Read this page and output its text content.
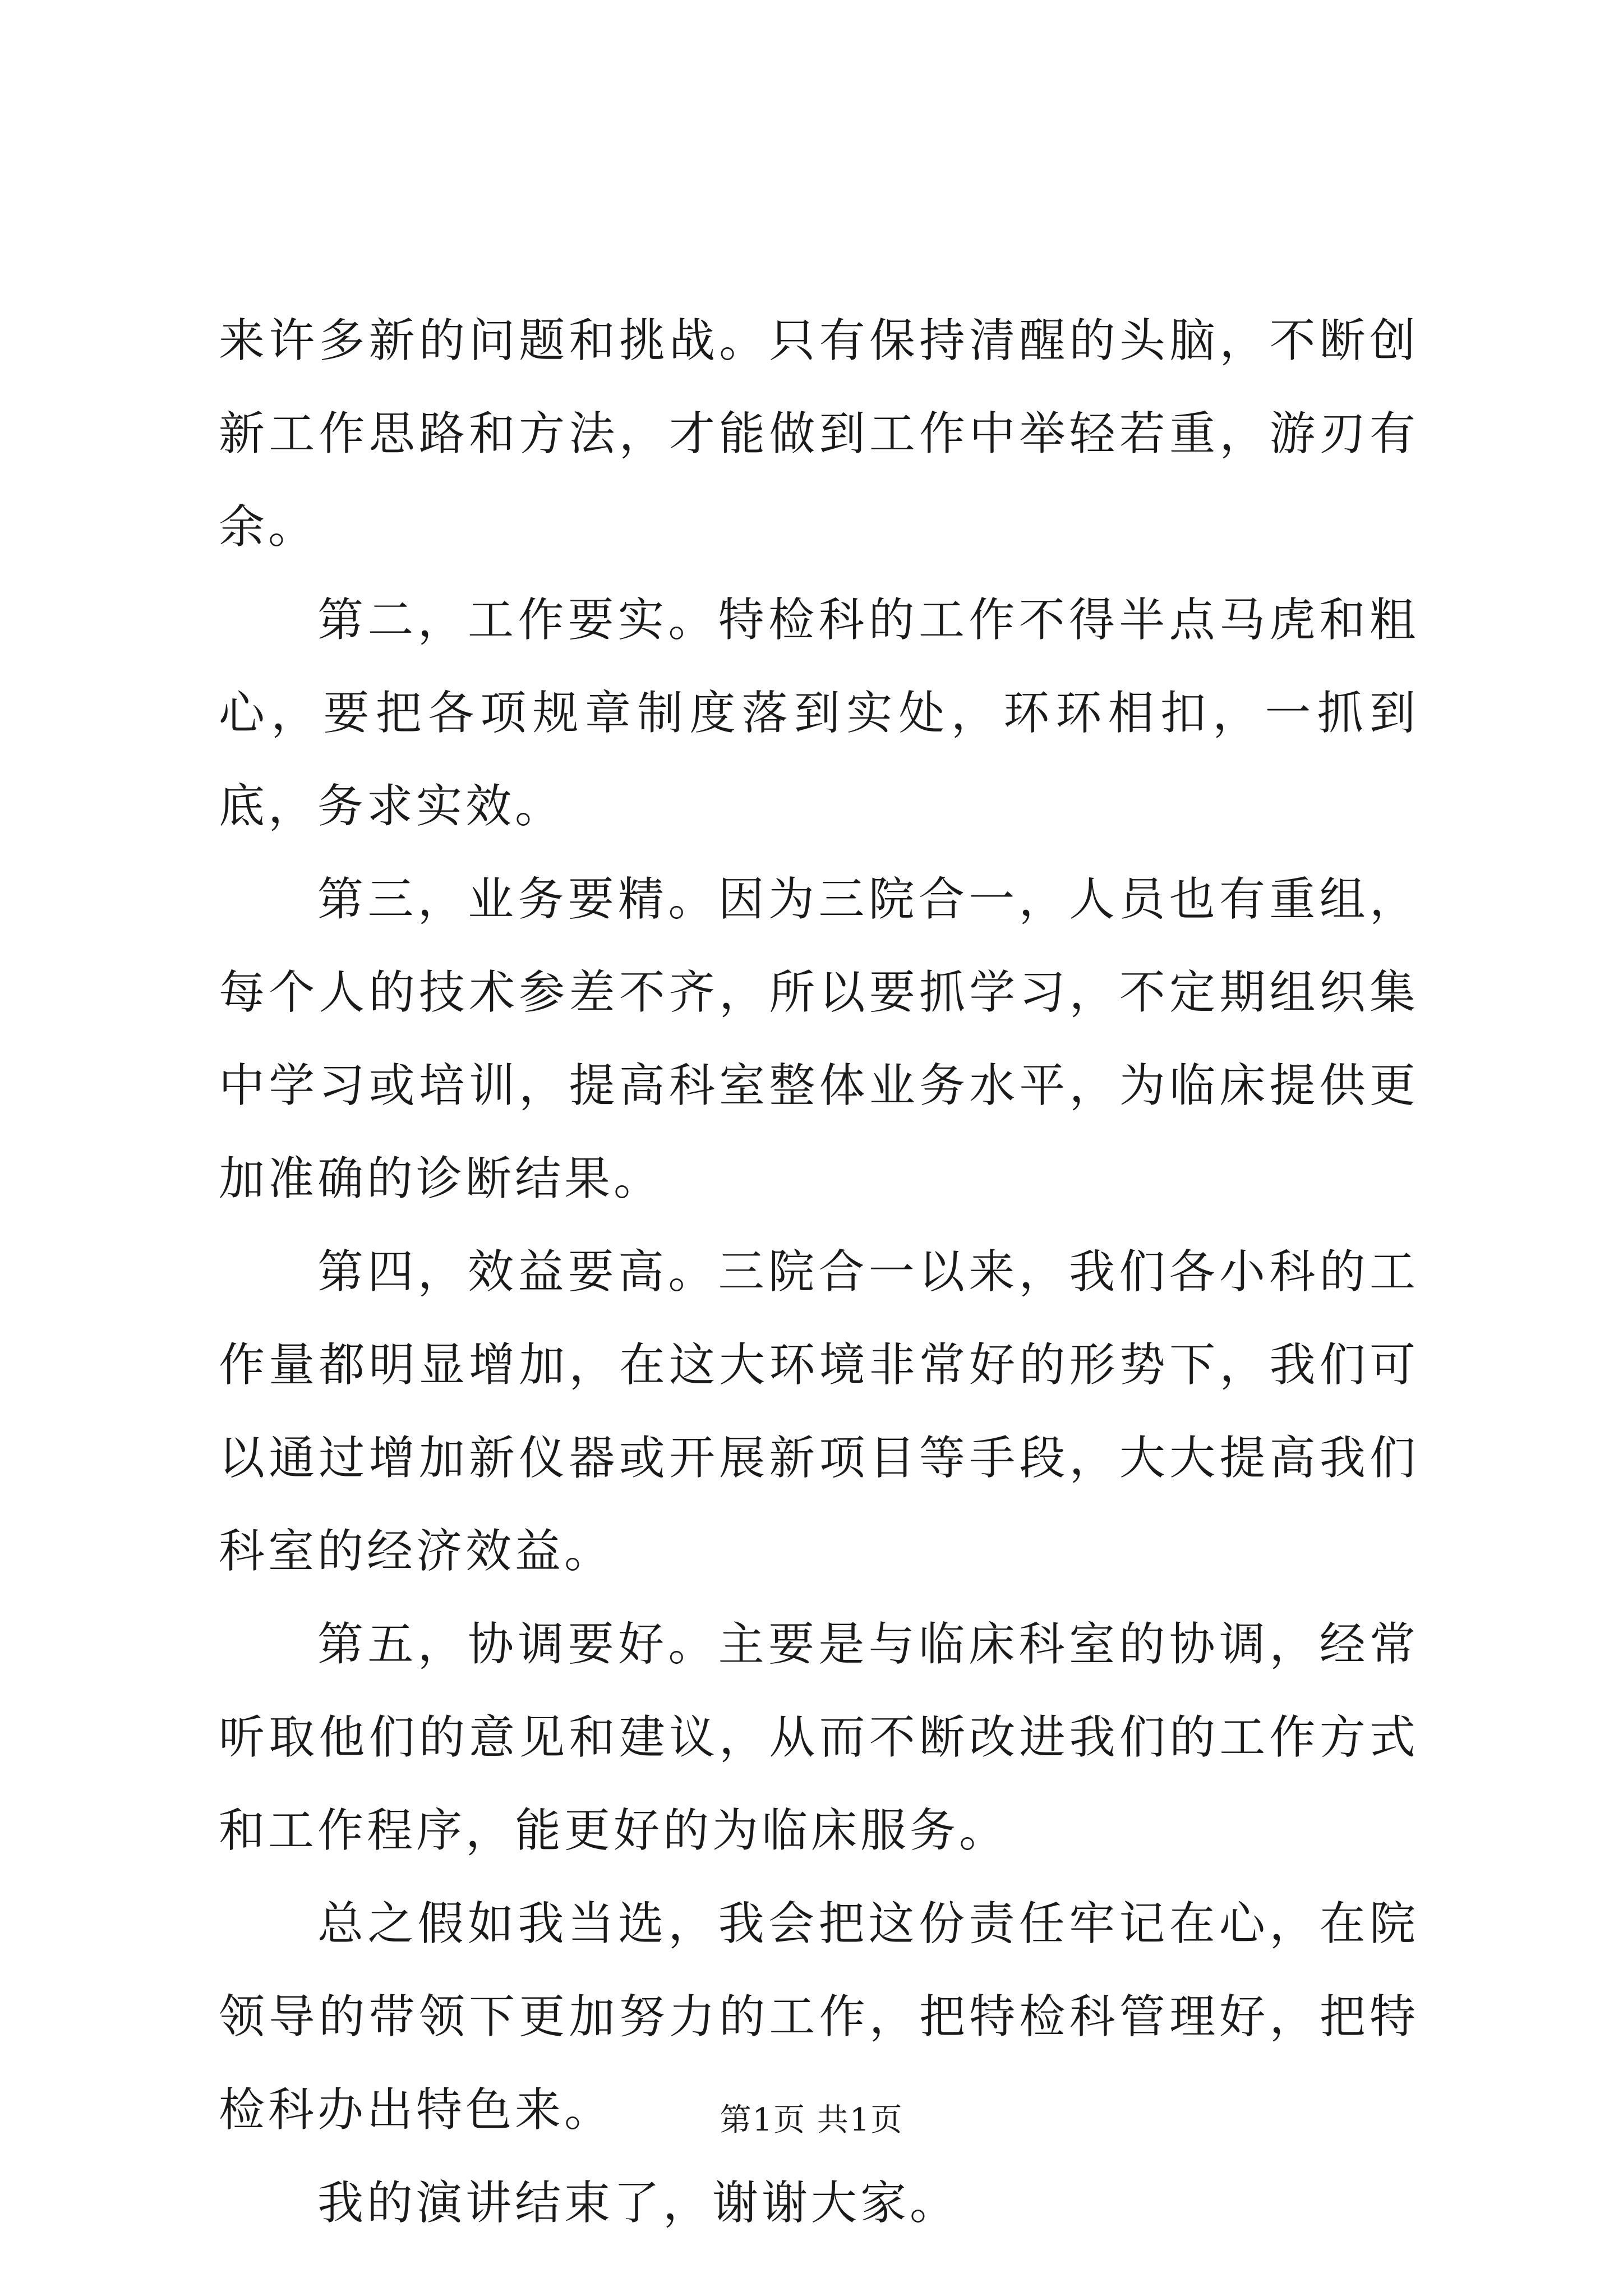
来许多新的问题和挑战。只有保持清醒的头脑，不断创新工作思路和方法，才能做到工作中举轻若重，游刃有余。

第二，工作要实。特检科的工作不得半点马虎和粗心，要把各项规章制度落到实处，环环相扣，一抓到底，务求实效。

第三，业务要精。因为三院合一，人员也有重组，每个人的技术参差不齐，所以要抓学习，不定期组织集中学习或培训，提高科室整体业务水平，为临床提供更加准确的诊断结果。

第四，效益要高。三院合一以来，我们各小科的工作量都明显增加，在这大环境非常好的形势下，我们可以通过增加新仪器或开展新项目等手段，大大提高我们科室的经济效益。

第五，协调要好。主要是与临床科室的协调，经常听取他们的意见和建议，从而不断改进我们的工作方式和工作程序，能更好的为临床服务。

总之假如我当选，我会把这份责任牢记在心，在院领导的带领下更加努力的工作，把特检科管理好，把特检科办出特色来。

我的演讲结束了，谢谢大家。

第1页 共1页
